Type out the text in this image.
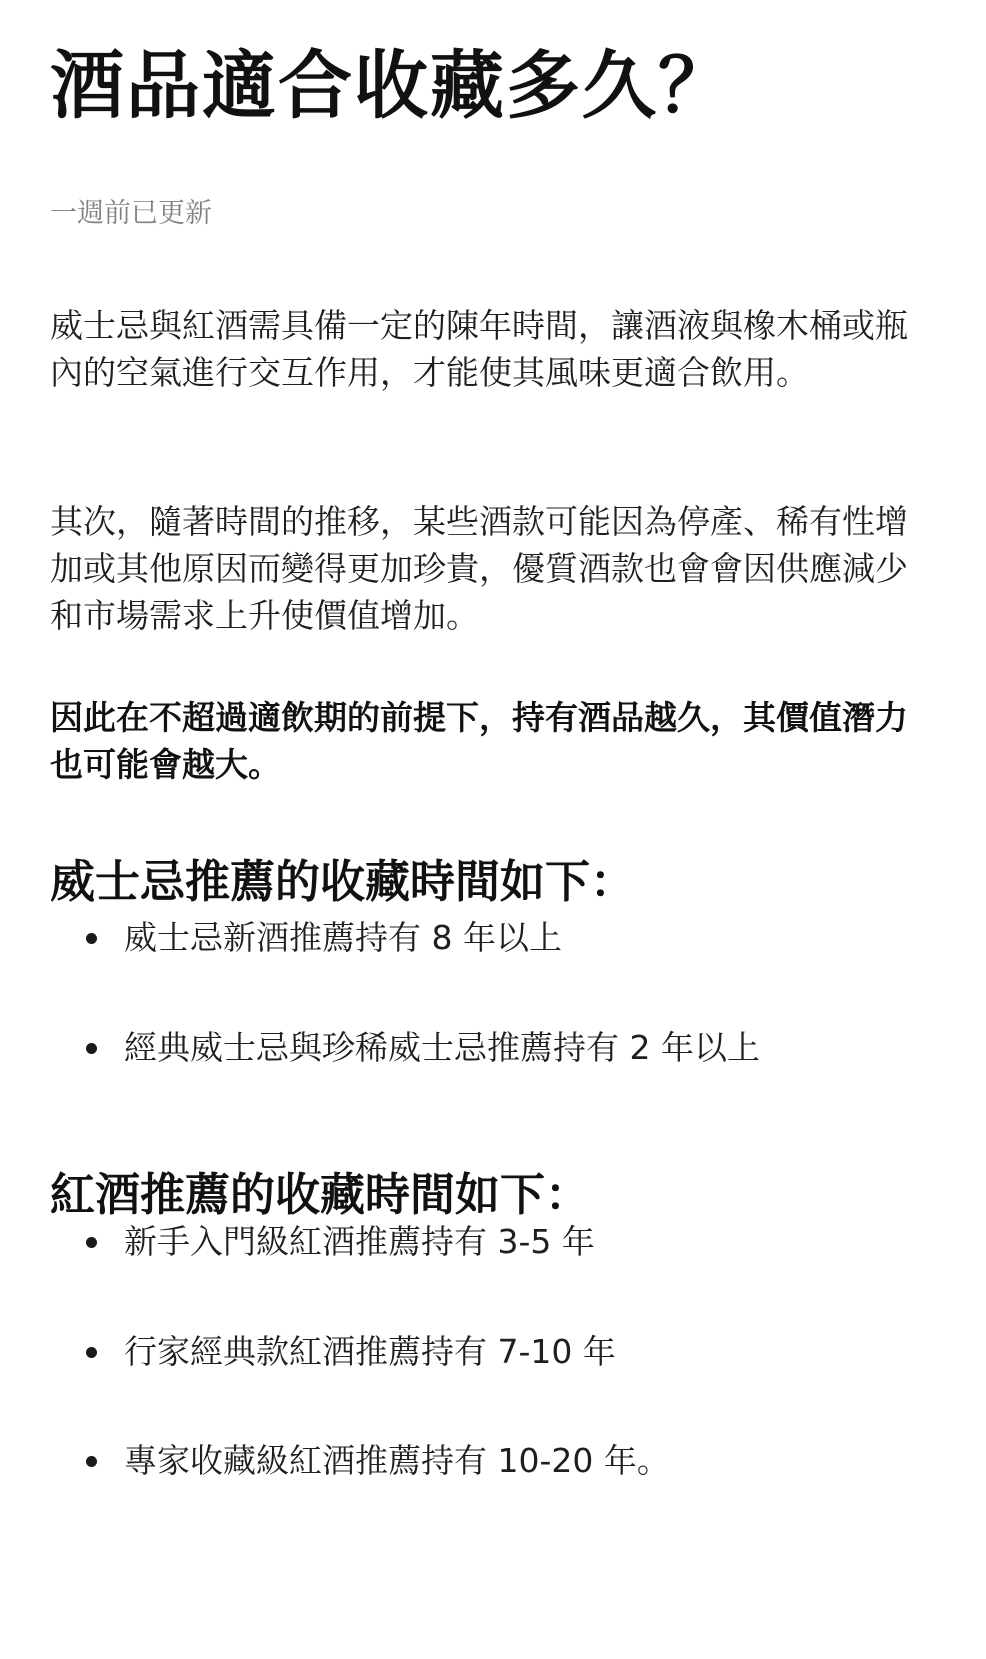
酒品適合收藏多久？
一週前已更新

威士忌與紅酒需具備一定的陳年時間，讓酒液與橡木桶或瓶內的空氣進行交互作用，才能使其風味更適合飲用。

其次，隨著時間的推移，某些酒款可能因為停產、稀有性增加或其他原因而變得更加珍貴，優質酒款也會會因供應減少和市場需求上升使價值增加。

因此在不超過適飲期的前提下，持有酒品越久，其價值潛力也可能會越大。

威士忌推薦的收藏時間如下：
威士忌新酒推薦持有 8 年以上
經典威士忌與珍稀威士忌推薦持有 2 年以上
紅酒推薦的收藏時間如下：
新手入門級紅酒推薦持有 3-5 年
行家經典款紅酒推薦持有 7-10 年
專家收藏級紅酒推薦持有 10-20 年。
